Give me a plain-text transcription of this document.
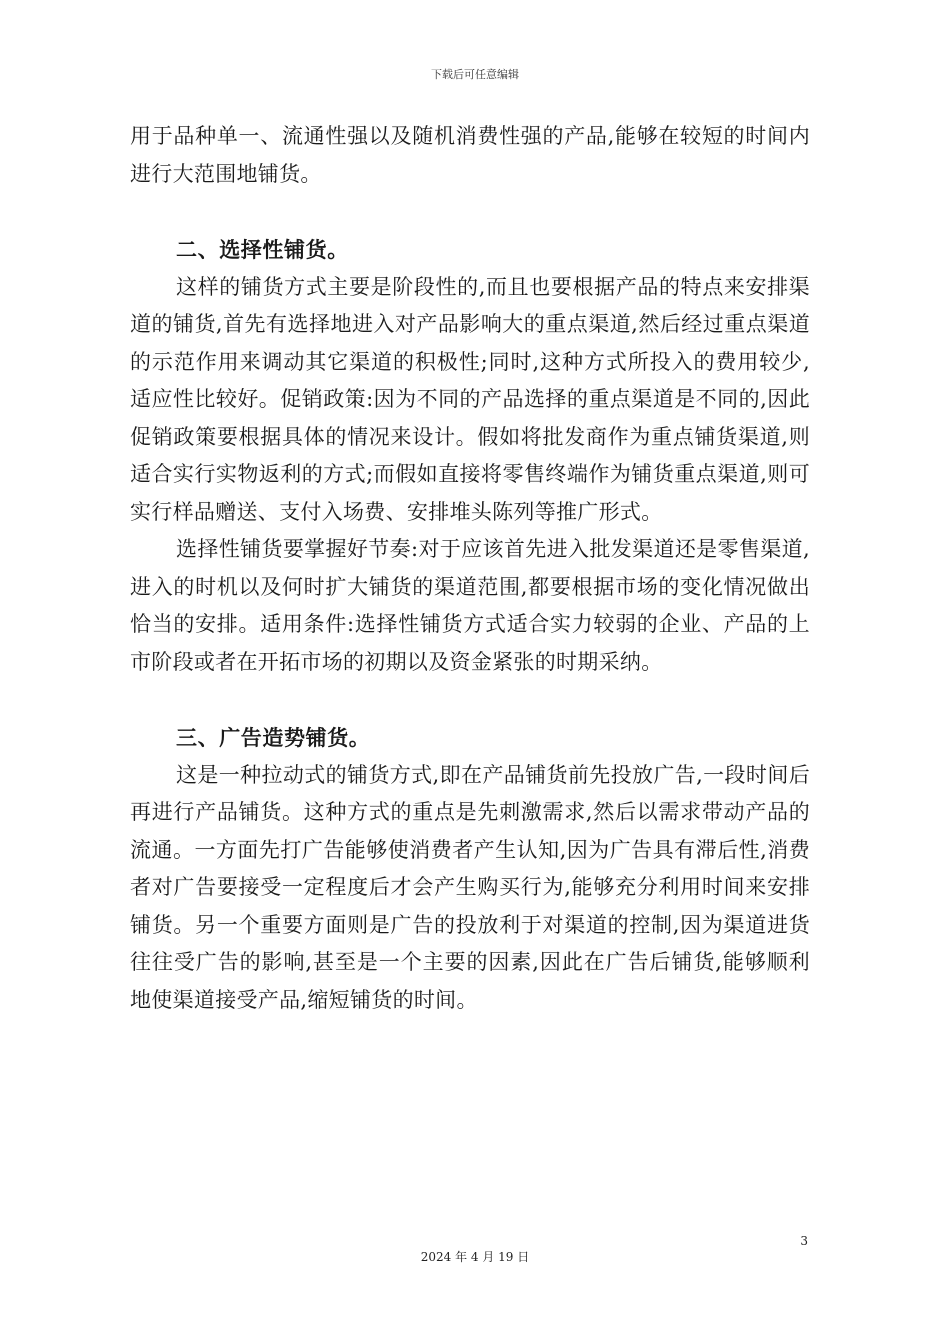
下载后可任意编辑

用于品种单一、流通性强以及随机消费性强的产品,能够在较短的时间内进行大范围地铺货。

二、选择性铺货。

这样的铺货方式主要是阶段性的,而且也要根据产品的特点来安排渠道的铺货,首先有选择地进入对产品影响大的重点渠道,然后经过重点渠道的示范作用来调动其它渠道的积极性;同时,这种方式所投入的费用较少,适应性比较好。促销政策:因为不同的产品选择的重点渠道是不同的,因此促销政策要根据具体的情况来设计。假如将批发商作为重点铺货渠道,则适合实行实物返利的方式;而假如直接将零售终端作为铺货重点渠道,则可实行样品赠送、支付入场费、安排堆头陈列等推广形式。

选择性铺货要掌握好节奏:对于应该首先进入批发渠道还是零售渠道,进入的时机以及何时扩大铺货的渠道范围,都要根据市场的变化情况做出恰当的安排。适用条件:选择性铺货方式适合实力较弱的企业、产品的上市阶段或者在开拓市场的初期以及资金紧张的时期采纳。

三、广告造势铺货。

这是一种拉动式的铺货方式,即在产品铺货前先投放广告,一段时间后再进行产品铺货。这种方式的重点是先刺激需求,然后以需求带动产品的流通。一方面先打广告能够使消费者产生认知,因为广告具有滞后性,消费者对广告要接受一定程度后才会产生购买行为,能够充分利用时间来安排铺货。另一个重要方面则是广告的投放利于对渠道的控制,因为渠道进货往往受广告的影响,甚至是一个主要的因素,因此在广告后铺货,能够顺利地使渠道接受产品,缩短铺货的时间。

3
2024 年 4 月 19 日
